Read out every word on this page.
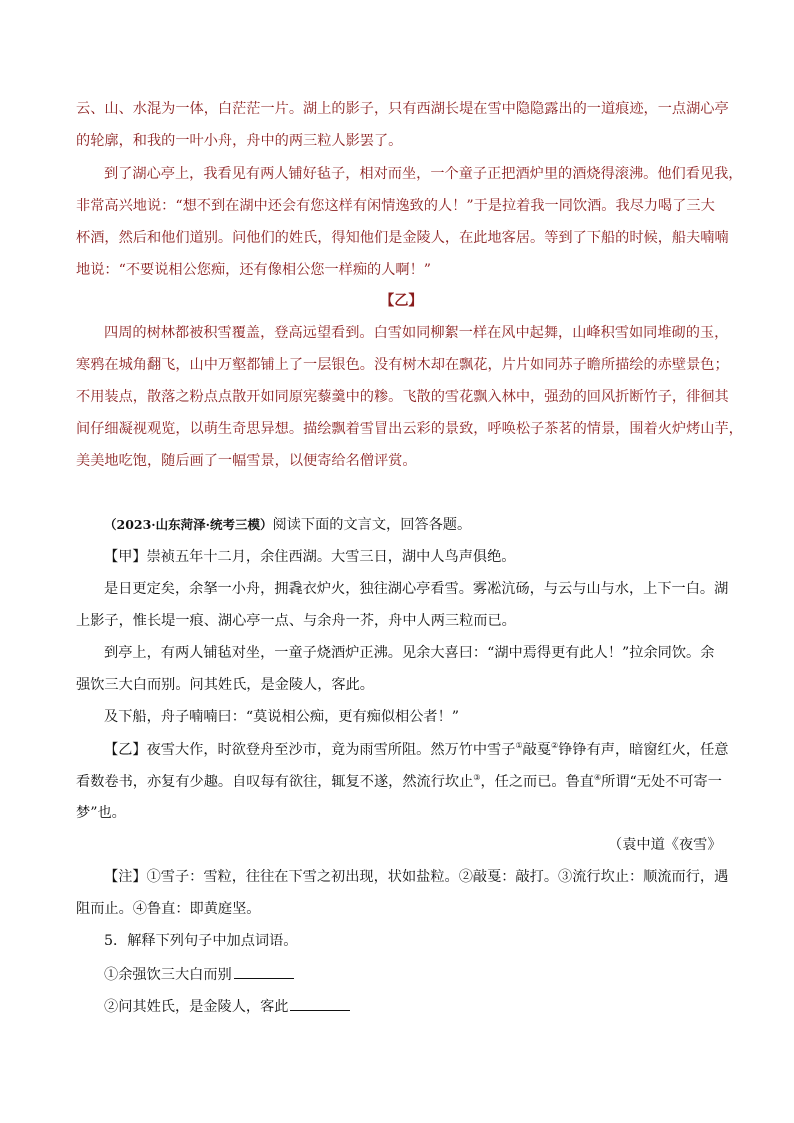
云、山、水混为一体，白茫茫一片。湖上的影子，只有西湖长堤在雪中隐隐露出的一道痕迹，一点湖心亭
的轮廓，和我的一叶小舟，舟中的两三粒人影罢了。
到了湖心亭上，我看见有两人铺好毡子，相对而坐，一个童子正把酒炉里的酒烧得滚沸。他们看见我，
非常高兴地说：“想不到在湖中还会有您这样有闲情逸致的人！”于是拉着我一同饮酒。我尽力喝了三大
杯酒，然后和他们道别。问他们的姓氏，得知他们是金陵人，在此地客居。等到了下船的时候，船夫喃喃
地说：“不要说相公您痴，还有像相公您一样痴的人啊！”
【乙】
四周的树林都被积雪覆盖，登高远望看到。白雪如同柳絮一样在风中起舞，山峰积雪如同堆砌的玉，
寒鸦在城角翻飞，山中万壑都铺上了一层银色。没有树木却在飘花，片片如同苏子瞻所描绘的赤壁景色；
不用装点，散落之粉点点散开如同原宪藜羹中的糁。飞散的雪花飘入林中，强劲的回风折断竹子，徘徊其
间仔细凝视观览，以萌生奇思异想。描绘飘着雪冒出云彩的景致，呼唤松子茶茗的情景，围着火炉烤山芋，
美美地吃饱，随后画了一幅雪景，以便寄给名僧评赏。
（2023·山东菏泽·统考三模）阅读下面的文言文，回答各题。
【甲】崇祯五年十二月，余住西湖。大雪三日，湖中人鸟声俱绝。
是日更定矣，余拏一小舟，拥毳衣炉火，独往湖心亭看雪。雾凇沆砀，与云与山与水，上下一白。湖
上影子，惟长堤一痕、湖心亭一点、与余舟一芥，舟中人两三粒而已。
到亭上，有两人铺毡对坐，一童子烧酒炉正沸。见余大喜曰：“湖中焉得更有此人！”拉余同饮。余
强饮三大白而别。问其姓氏，是金陵人，客此。
及下船，舟子喃喃曰：“莫说相公痴，更有痴似相公者！”
【乙】夜雪大作，时欲登舟至沙市，竟为雨雪所阻。然万竹中雪子①敲戛②铮铮有声，暗窗红火，任意
看数卷书，亦复有少趣。自叹每有欲往，辄复不遂，然流行坎止③，任之而已。鲁直④所谓“无处不可寄一
梦”也。
（袁中道《夜雪》
【注】①雪子：雪粒，往往在下雪之初出现，状如盐粒。②敲戛：敲打。③流行坎止：顺流而行，遇
阻而止。④鲁直：即黄庭坚。
5．解释下列句子中加点词语。
①余强饮三大白而别
②问其姓氏，是金陵人，客此
